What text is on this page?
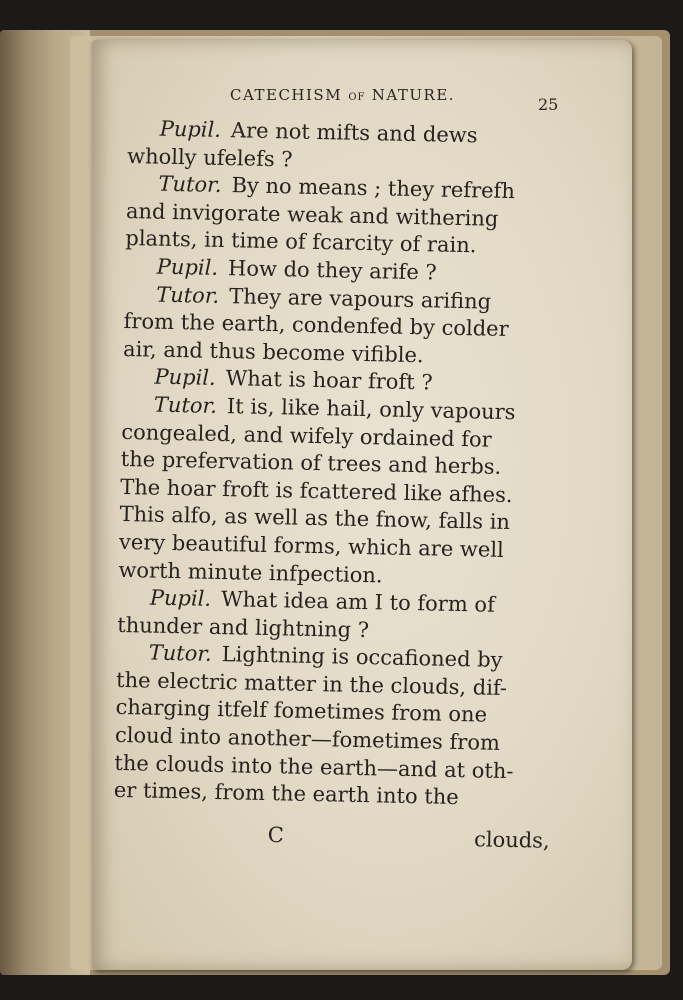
CATECHISM OF NATURE.	25
Pupil. Are not mifts and dews
wholly ufelefs ?
Tutor. By no means ; they refrefh
and invigorate weak and withering
plants, in time of fcarcity of rain.
Pupil. How do they arife ?
Tutor. They are vapours arifing
from the earth, condenfed by colder
air, and thus become vifible.
Pupil. What is hoar froft ?
Tutor. It is, like hail, only vapours
congealed, and wifely ordained for
the prefervation of trees and herbs.
The hoar froft is fcattered like afhes.
This alfo, as well as the fnow, falls in
very beautiful forms, which are well
worth minute infpection.
Pupil. What idea am I to form of
thunder and lightning ?
Tutor. Lightning is occafioned by
the electric matter in the clouds, dif-
charging itfelf fometimes from one
cloud into another—fometimes from
the clouds into the earth—and at oth-
er times, from the earth into the
C	clouds,
